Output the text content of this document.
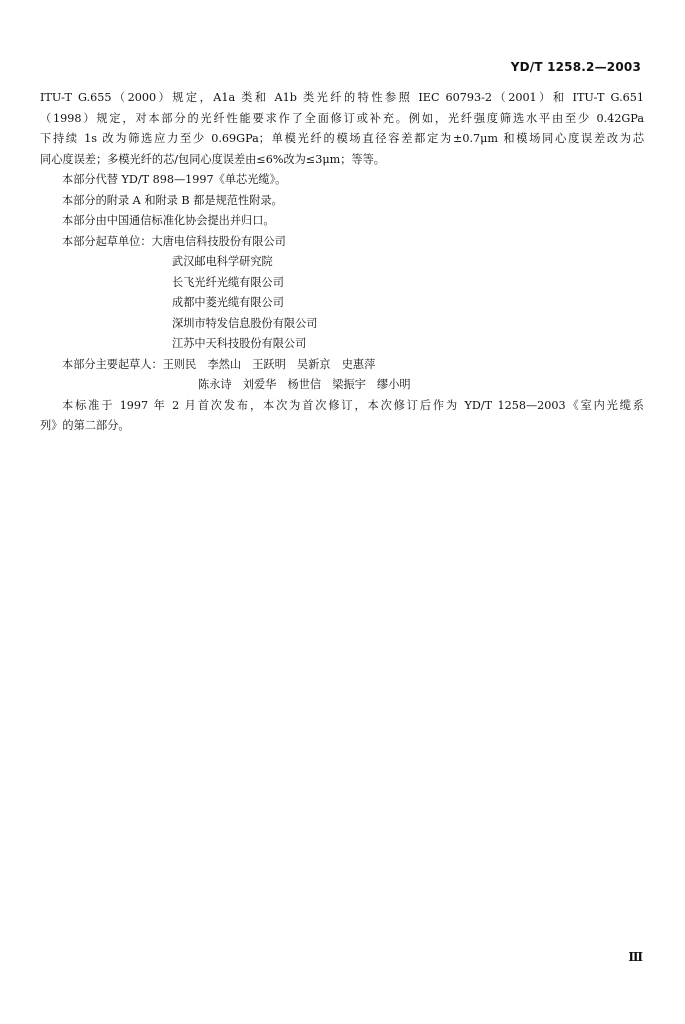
YD/T 1258.2—2003
ITU-T G.655（2000）规定，A1a 类和 A1b 类光纤的特性参照 IEC 60793-2（2001）和 ITU-T G.651
（1998）规定，对本部分的光纤性能要求作了全面修订或补充。例如，光纤强度筛选水平由至少 0.42GPa
下持续 1s 改为筛选应力至少 0.69GPa；单模光纤的模场直径容差都定为±0.7μm 和模场同心度误差改为芯
同心度误差；多模光纤的芯/包同心度误差由≤6%改为≤3μm；等等。
本部分代替 YD/T 898—1997《单芯光缆》。
本部分的附录 A 和附录 B 都是规范性附录。
本部分由中国通信标准化协会提出并归口。
本部分起草单位：大唐电信科技股份有限公司
武汉邮电科学研究院
长飞光纤光缆有限公司
成都中菱光缆有限公司
深圳市特发信息股份有限公司
江苏中天科技股份有限公司
本部分主要起草人：王则民　李然山　王跃明　吴新京　史惠萍
陈永诗　刘爱华　杨世信　梁振宇　缪小明
本标准于 1997 年 2 月首次发布，本次为首次修订，本次修订后作为 YD/T 1258—2003《室内光缆系
列》的第二部分。
Ⅲ
